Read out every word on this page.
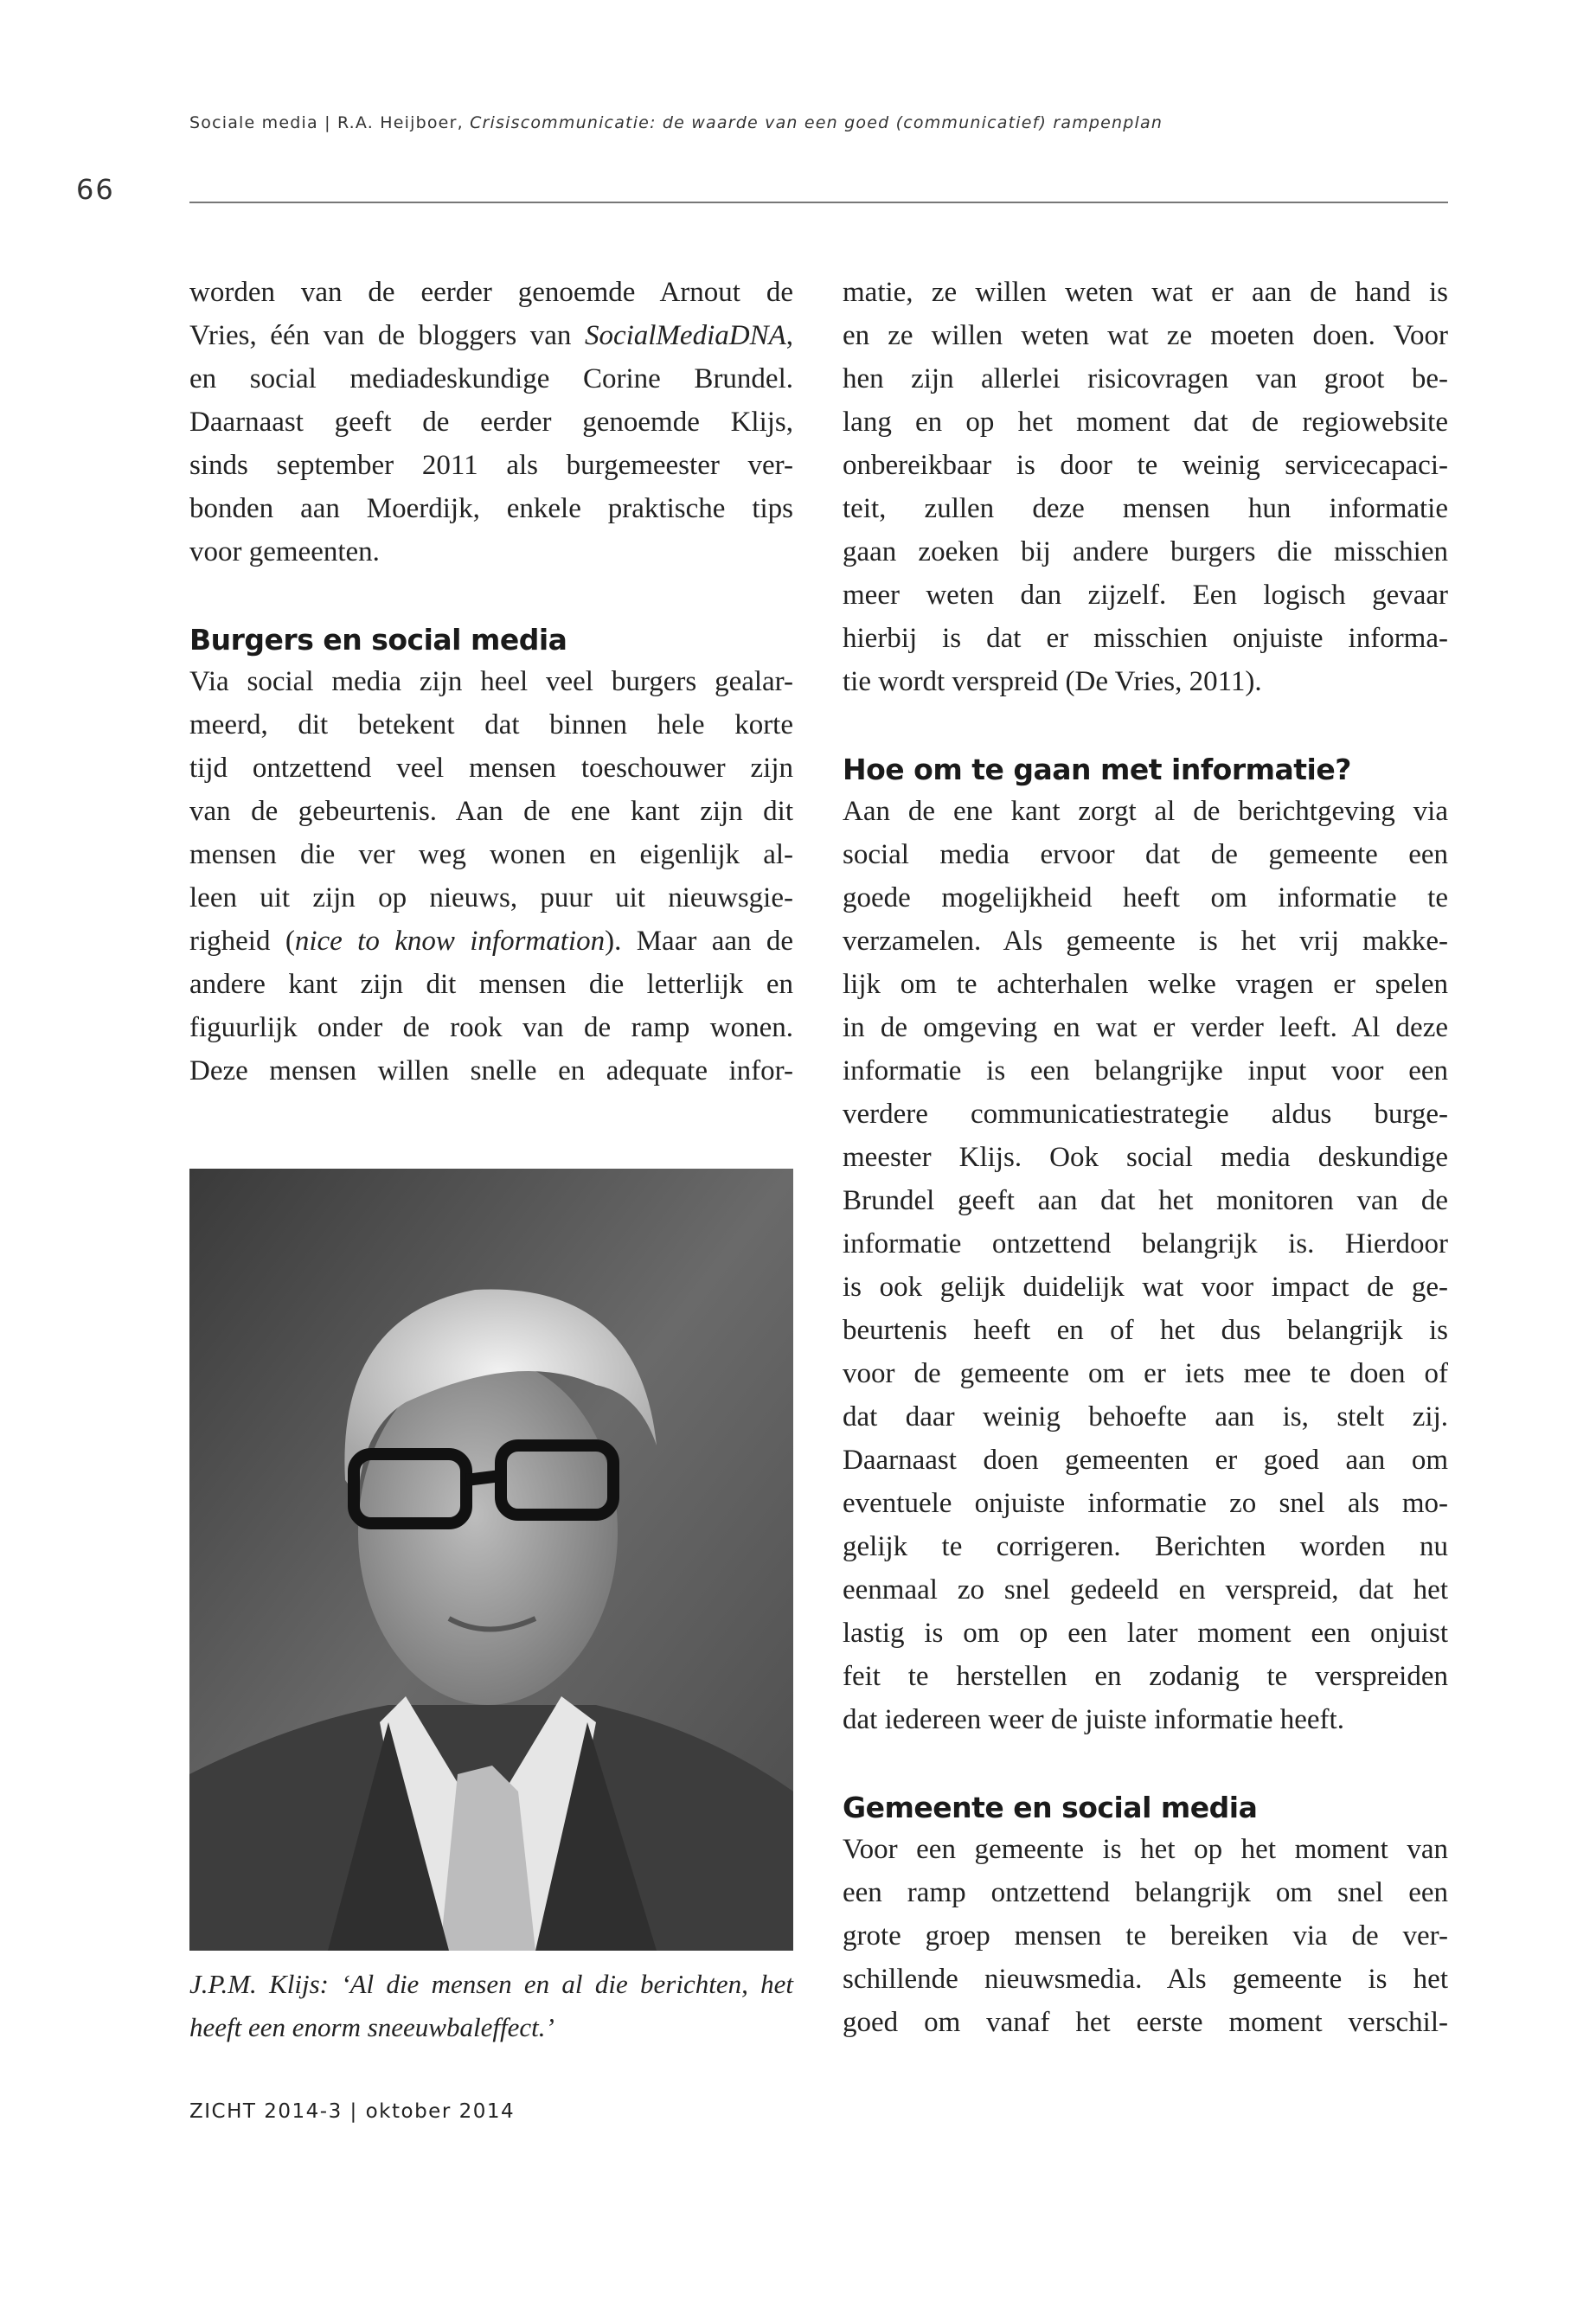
Sociale media | R.A. Heijboer, Crisiscommunicatie: de waarde van een goed (communicatief) rampenplan
66
worden van de eerder genoemde Arnout de
Vries, één van de bloggers van SocialMediaDNA,
en social mediadeskundige Corine Brundel.
Daarnaast geeft de eerder genoemde Klijs,
sinds september 2011 als burgemeester ver-
bonden aan Moerdijk, enkele praktische tips
voor gemeenten.
Burgers en social media
Via social media zijn heel veel burgers gealar-
meerd, dit betekent dat binnen hele korte
tijd ontzettend veel mensen toeschouwer zijn
van de gebeurtenis. Aan de ene kant zijn dit
mensen die ver weg wonen en eigenlijk al-
leen uit zijn op nieuws, puur uit nieuwsgie-
righeid (nice to know information). Maar aan de
andere kant zijn dit mensen die letterlijk en
figuurlijk onder de rook van de ramp wonen.
Deze mensen willen snelle en adequate infor-
matie, ze willen weten wat er aan de hand is
en ze willen weten wat ze moeten doen. Voor
hen zijn allerlei risicovragen van groot be-
lang en op het moment dat de regiowebsite
onbereikbaar is door te weinig servicecapaci-
teit, zullen deze mensen hun informatie
gaan zoeken bij andere burgers die misschien
meer weten dan zijzelf. Een logisch gevaar
hierbij is dat er misschien onjuiste informa-
tie wordt verspreid (De Vries, 2011).
Hoe om te gaan met informatie?
Aan de ene kant zorgt al de berichtgeving via
social media ervoor dat de gemeente een
goede mogelijkheid heeft om informatie te
verzamelen. Als gemeente is het vrij makke-
lijk om te achterhalen welke vragen er spelen
in de omgeving en wat er verder leeft. Al deze
informatie is een belangrijke input voor een
verdere communicatiestrategie aldus burge-
meester Klijs. Ook social media deskundige
Brundel geeft aan dat het monitoren van de
informatie ontzettend belangrijk is. Hierdoor
is ook gelijk duidelijk wat voor impact de ge-
beurtenis heeft en of het dus belangrijk is
voor de gemeente om er iets mee te doen of
dat daar weinig behoefte aan is, stelt zij.
Daarnaast doen gemeenten er goed aan om
eventuele onjuiste informatie zo snel als mo-
gelijk te corrigeren. Berichten worden nu
eenmaal zo snel gedeeld en verspreid, dat het
lastig is om op een later moment een onjuist
feit te herstellen en zodanig te verspreiden
dat iedereen weer de juiste informatie heeft.
Gemeente en social media
Voor een gemeente is het op het moment van
een ramp ontzettend belangrijk om snel een
grote groep mensen te bereiken via de ver-
schillende nieuwsmedia. Als gemeente is het
goed om vanaf het eerste moment verschil-
J.P.M. Klijs: ‘Al die mensen en al die berichten, het
heeft een enorm sneeuwbaleffect.’
ZICHT 2014-3 | oktober 2014
